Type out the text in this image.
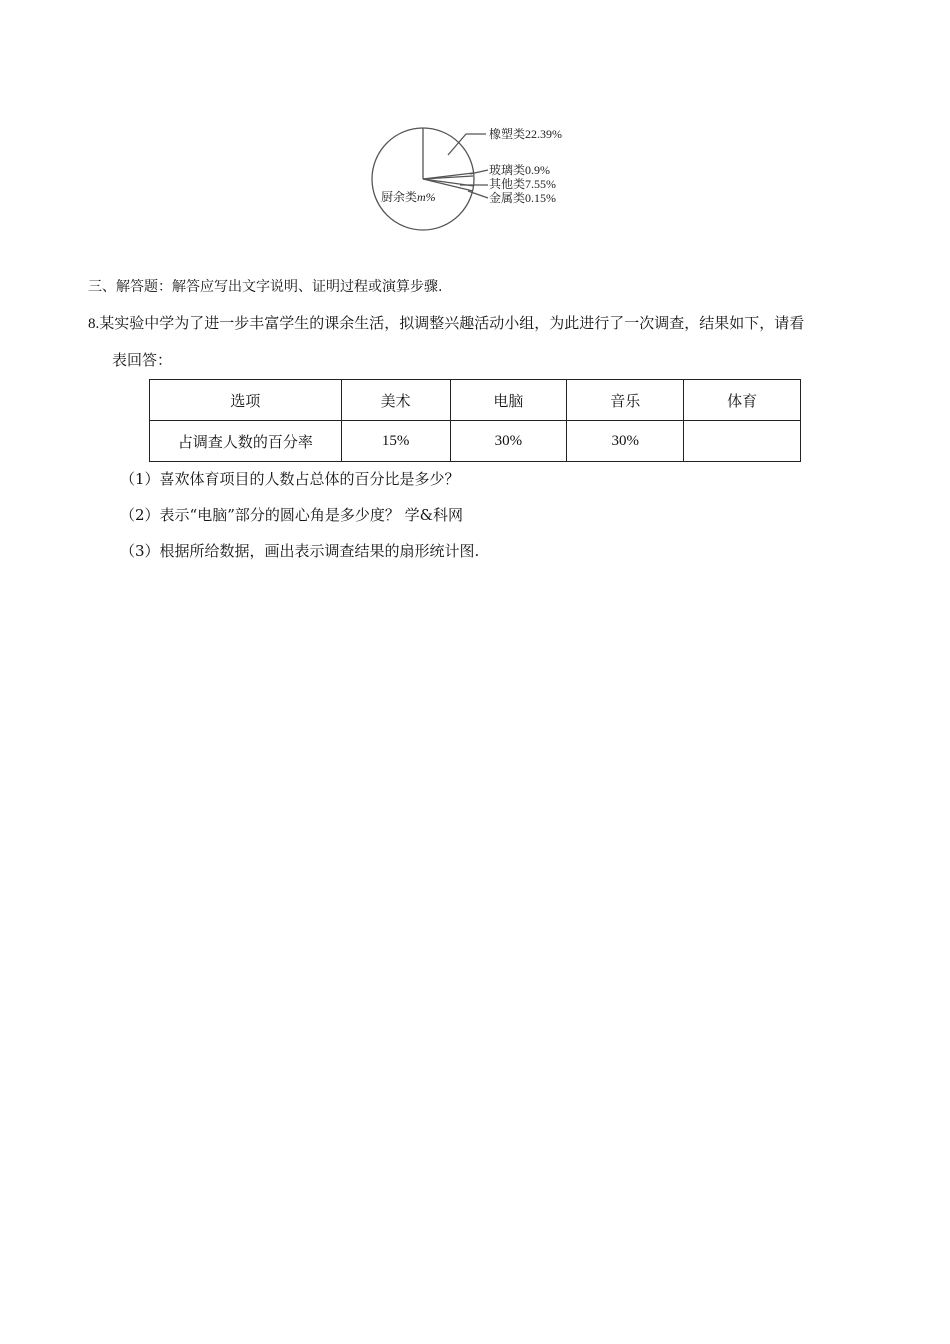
橡塑类 22.39%
玻璃类 0.9%
其他类 7.55%
金属类 0.15%
厨余类 m%
三、解答题：解答应写出文字说明、证明过程或演算步骤.
8.某实验中学为了进一步丰富学生的课余生活，拟调整兴趣活动小组，为此进行了一次调查，结果如下，请看
表回答：
选项	美术	电脑	音乐	体育
占调查人数的百分率	15%	30%	30%	
（1）喜欢体育项目的人数占总体的百分比是多少？
（2）表示“电脑”部分的圆心角是多少度？ 学&科网
（3）根据所给数据，画出表示调查结果的扇形统计图.
